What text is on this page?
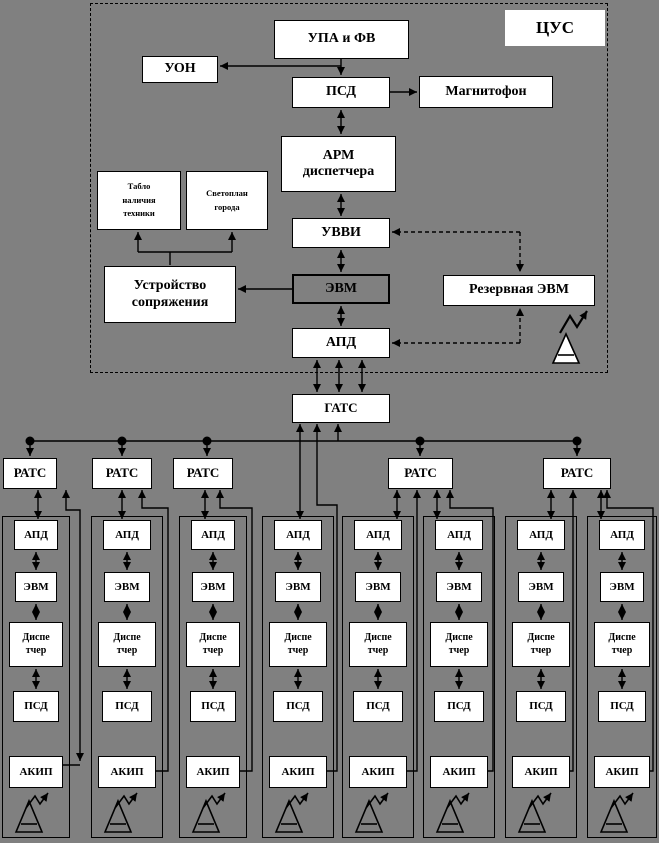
ЦУС
УПА и ФВ
УОН
ПСД	Магнитофон
АРМ
диспетчера
Табло
наличия
техники
Светоплан
города
УВВИ
Устройство
сопряжения
ЭВМ	Резервная ЭВМ
АПД
ГАТС
РАТС	РАТС	РАТС	РАТС	РАТС
АПД
ЭВМ
Диспе
тчер
ПСД
АКИП
АПД
ЭВМ
Диспе
тчер
ПСД
АКИП
АПД
ЭВМ
Диспе
тчер
ПСД
АКИП
АПД
ЭВМ
Диспе
тчер
ПСД
АКИП
АПД
ЭВМ
Диспе
тчер
ПСД
АКИП
АПД
ЭВМ
Диспе
тчер
ПСД
АКИП
АПД
ЭВМ
Диспе
тчер
ПСД
АКИП
АПД
ЭВМ
Диспе
тчер
ПСД
АКИП
